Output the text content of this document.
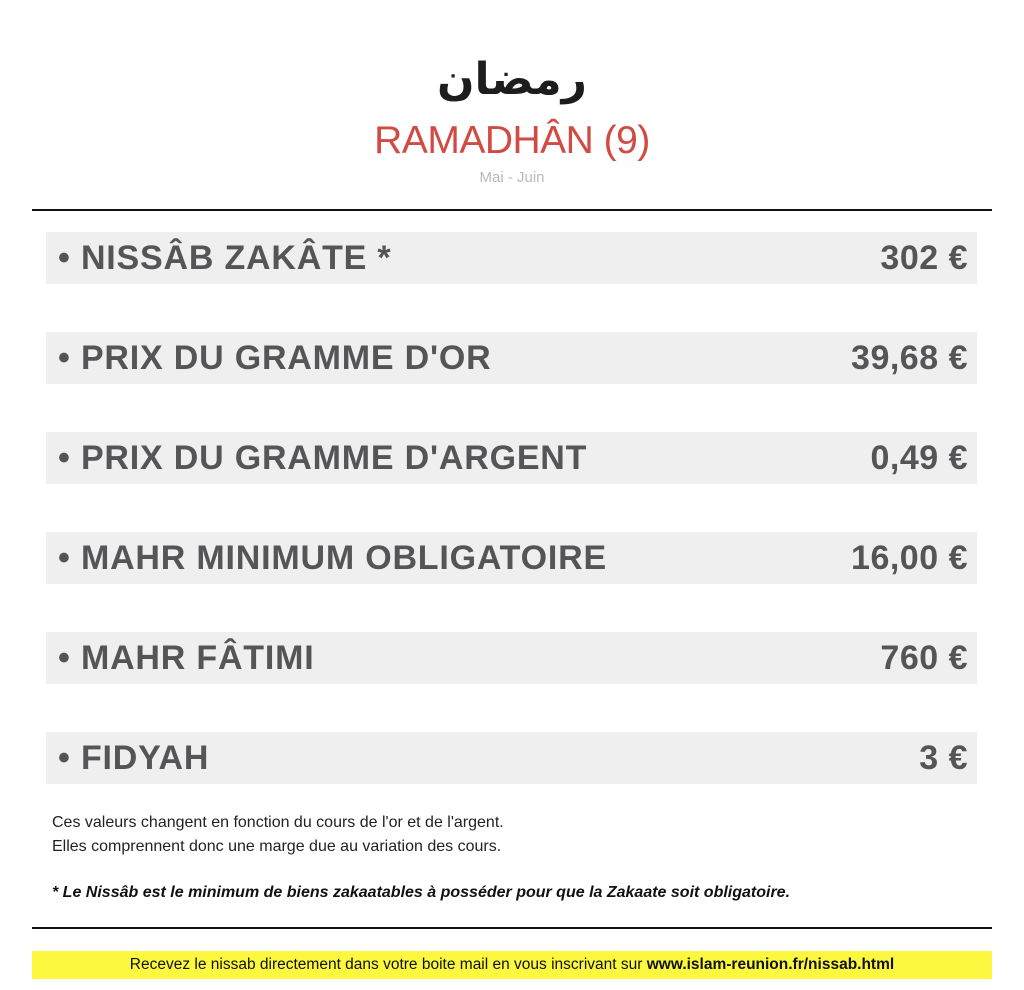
رمضان
RAMADHÂN (9)
Mai - Juin
• NISSÂB ZAKÂTE *	302 €
• PRIX DU GRAMME D'OR	39,68 €
• PRIX DU GRAMME D'ARGENT	0,49 €
• MAHR MINIMUM OBLIGATOIRE	16,00 €
• MAHR FÂTIMI	760 €
• FIDYAH	3 €
Ces valeurs changent en fonction du cours de l'or et de l'argent.
Elles comprennent donc une marge due au variation des cours.
* Le Nissâb est le minimum de biens zakaatables à posséder pour que la Zakaate soit obligatoire.
Recevez le nissab directement dans votre boite mail en vous inscrivant sur www.islam-reunion.fr/nissab.html
